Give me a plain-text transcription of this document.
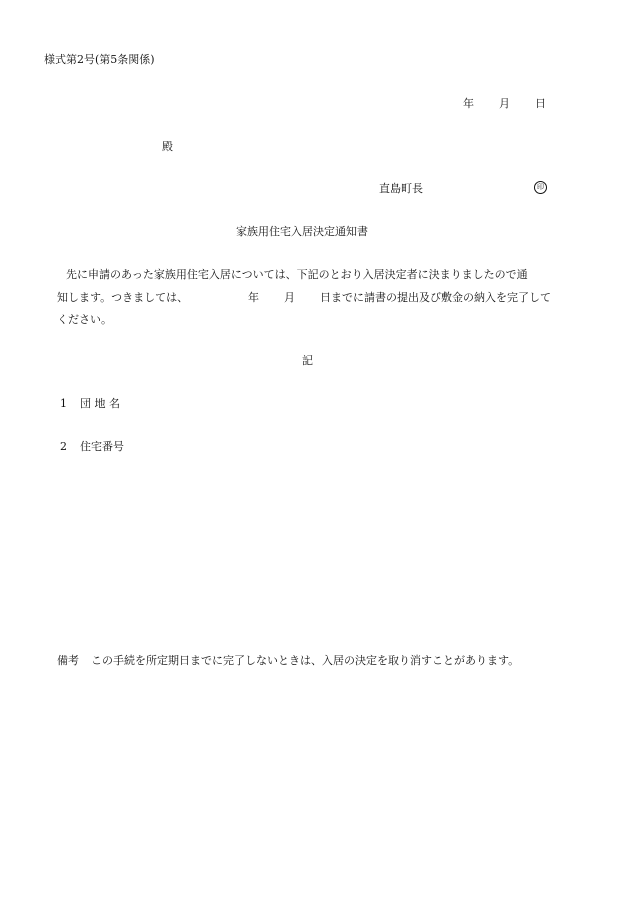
様式第2号(第5条関係)
年 月 日
殿
直島町長	印
家族用住宅入居決定通知書
先に申請のあった家族用住宅入居については、下記のとおり入居決定者に決まりましたので通
知します。つきましては、	年 月 日までに請書の提出及び敷金の納入を完了して
ください。
記
1 団 地 名
2 住宅番号
備考 この手続を所定期日までに完了しないときは、入居の決定を取り消すことがあります。
